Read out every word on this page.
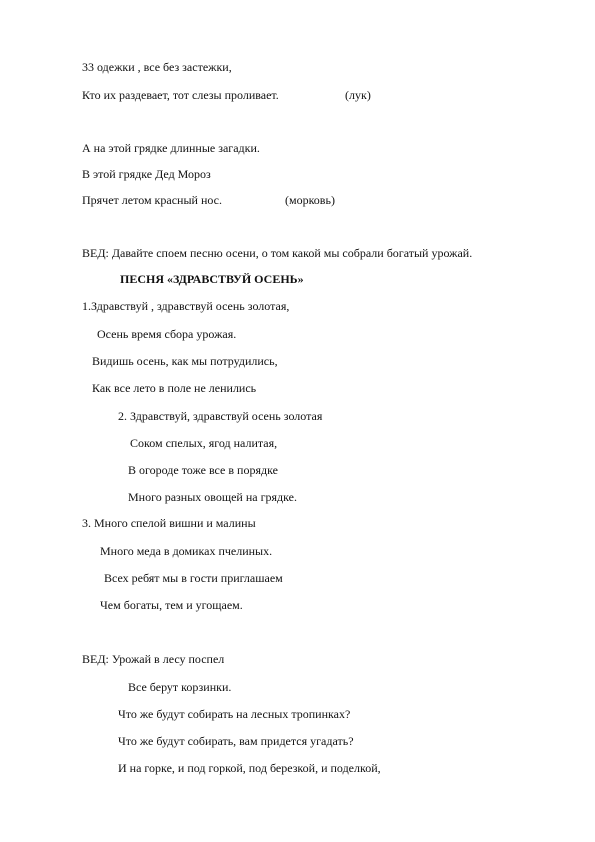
33 одежки , все без застежки,

Кто их раздевает, тот слезы проливает.	(лук)

А на этой грядке длинные загадки.

В этой грядке Дед Мороз

Прячет летом красный нос.	(морковь)

ВЕД: Давайте споем песню осени, о том какой мы собрали богатый урожай.

ПЕСНЯ «ЗДРАВСТВУЙ ОСЕНЬ»

1.Здравствуй , здравствуй осень золотая,

Осень время сбора урожая.

Видишь осень, как мы потрудились,

Как все лето в поле не ленились

2. Здравствуй, здравствуй осень золотая

Соком спелых, ягод налитая,

В огороде тоже все в порядке

Много разных овощей на грядке.

3. Много спелой вишни и малины

Много меда в домиках пчелиных.

Всех ребят мы в гости приглашаем

Чем богаты, тем и угощаем.

ВЕД: Урожай в лесу поспел

Все берут корзинки.

Что же будут собирать на лесных тропинках?

Что же будут собирать, вам придется угадать?

И на горке, и под горкой, под березкой, и поделкой,
